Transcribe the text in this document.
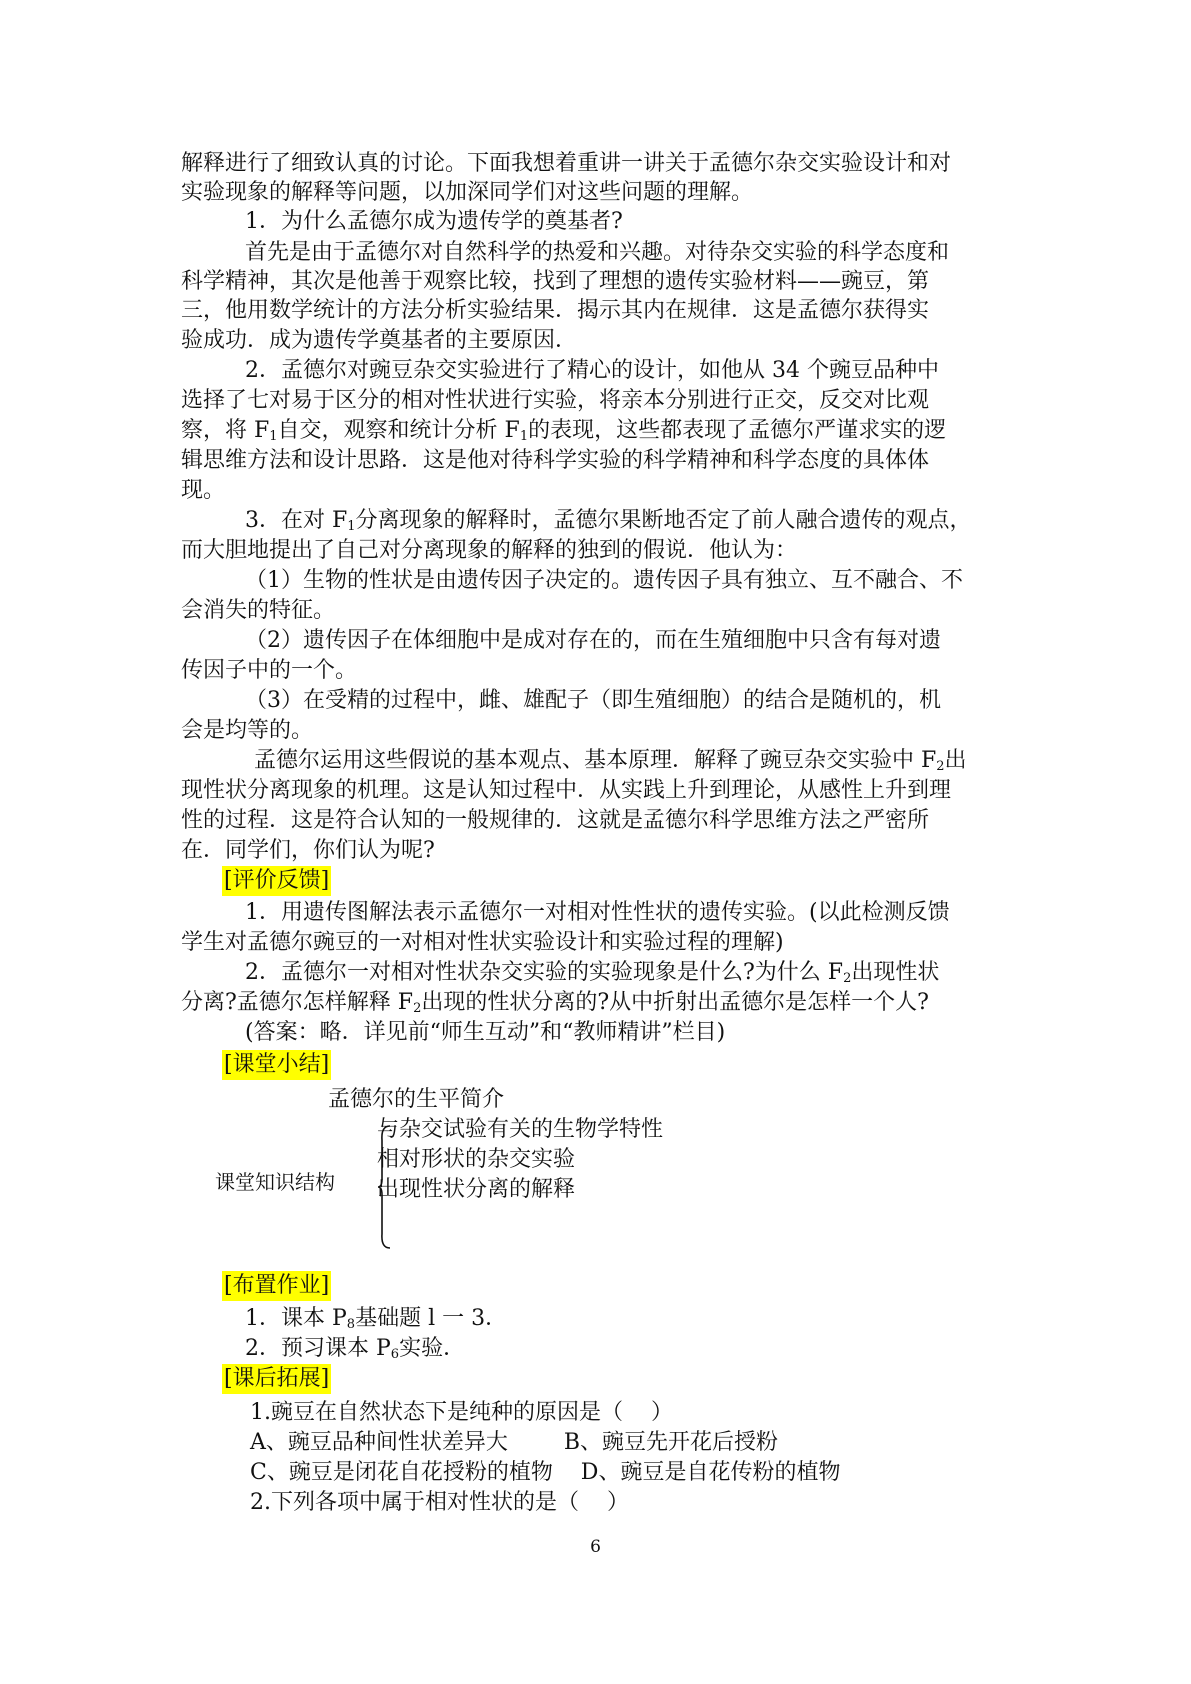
解释进行了细致认真的讨论。下面我想着重讲一讲关于孟德尔杂交实验设计和对
实验现象的解释等问题，以加深同学们对这些问题的理解。
1．为什么孟德尔成为遗传学的奠基者?
首先是由于孟德尔对自然科学的热爱和兴趣。对待杂交实验的科学态度和
科学精神，其次是他善于观察比较，找到了理想的遗传实验材料——豌豆，第
三，他用数学统计的方法分析实验结果．揭示其内在规律．这是孟德尔获得实
验成功．成为遗传学奠基者的主要原因．
2．孟德尔对豌豆杂交实验进行了精心的设计，如他从 34 个豌豆品种中
选择了七对易于区分的相对性状进行实验，将亲本分别进行正交，反交对比观
察，将 $F_1$自交，观察和统计分析 $F_1$的表现，这些都表现了孟德尔严谨求实的逻
辑思维方法和设计思路．这是他对待科学实验的科学精神和科学态度的具体体
现。
3．在对 $F_1$分离现象的解释时，孟德尔果断地否定了前人融合遗传的观点，
而大胆地提出了自己对分离现象的解释的独到的假说．他认为：
（1）生物的性状是由遗传因子决定的。遗传因子具有独立、互不融合、不
会消失的特征。
（2）遗传因子在体细胞中是成对存在的，而在生殖细胞中只含有每对遗
传因子中的一个。
（3）在受精的过程中，雌、雄配子（即生殖细胞）的结合是随机的，机
会是均等的。
孟德尔运用这些假说的基本观点、基本原理．解释了豌豆杂交实验中 $F_2$出
现性状分离现象的机理。这是认知过程中．从实践上升到理论，从感性上升到理
性的过程．这是符合认知的一般规律的．这就是孟德尔科学思维方法之严密所
在．同学们，你们认为呢?
[ 评价反馈 ]
1．用遗传图解法表示孟德尔一对相对性性状的遗传实验。(以此检测反馈
学生对孟德尔豌豆的一对相对性状实验设计和实验过程的理解)
2．孟德尔一对相对性状杂交实验的实验现象是什么?为什么 $F_2$出现性状
分离?孟德尔怎样解释 $F_2$出现的性状分离的?从中折射出孟德尔是怎样一个人?
(答案：略．详见前“师生互动”和“教师精讲”栏目)
[ 课堂小结 ]
课堂知识结构
孟德尔的生平简介
与杂交试验有关的生物学特性
相对形状的杂交实验
出现性状分离的解释
[ 布置作业 ]
1．课本 $P_8$基础题 l 一 3．
2．预习课本 $P_6$实验．
[ 课后拓展 ]
1.豌豆在自然状态下是纯种的原因是（    ）
A、豌豆品种间性状差异大        B、豌豆先开花后授粉
C、豌豆是闭花自花授粉的植物    D、豌豆是自花传粉的植物
2.下列各项中属于相对性状的是（    ）
6
